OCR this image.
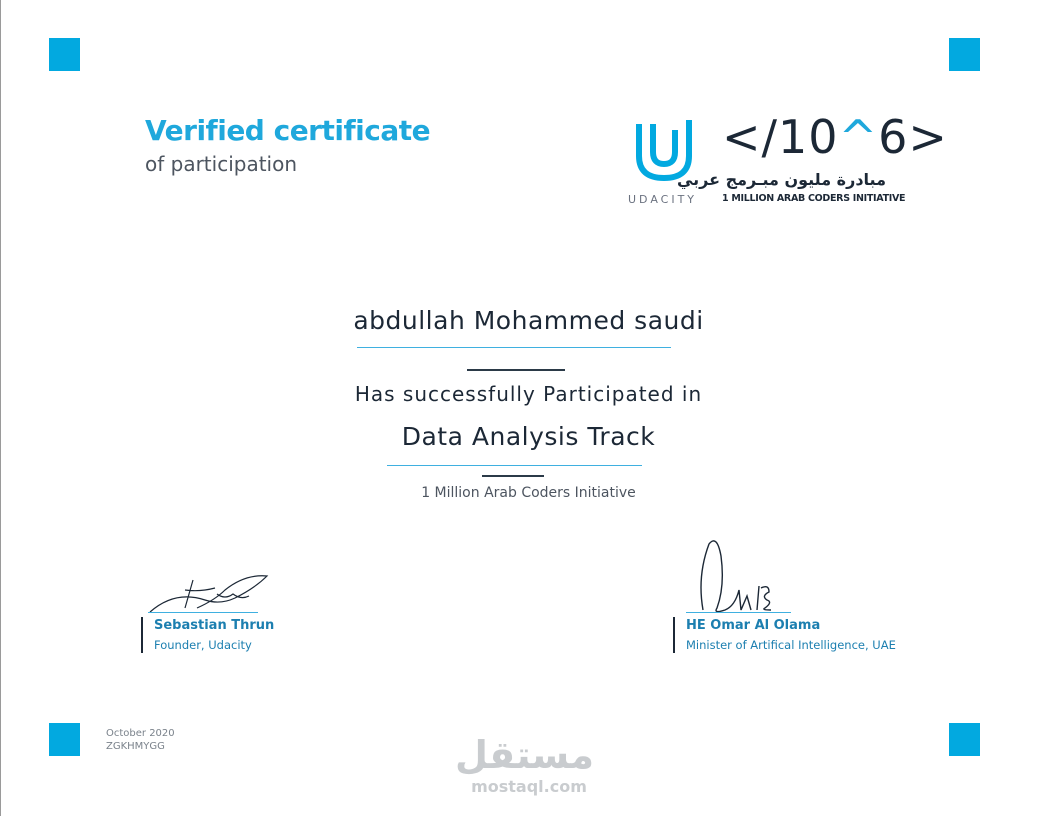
Verified certificate
of participation
UDACITY
</10^6>
مبادرة مليون مبـرمج عربي
1 MILLION ARAB CODERS INITIATIVE
abdullah Mohammed saudi
Has successfully Participated in
Data Analysis Track
1 Million Arab Coders Initiative
Sebastian Thrun
Founder, Udacity
HE Omar Al Olama
Minister of Artifical Intelligence, UAE
October 2020
ZGKHMYGG	مستقل
mostaql.com
